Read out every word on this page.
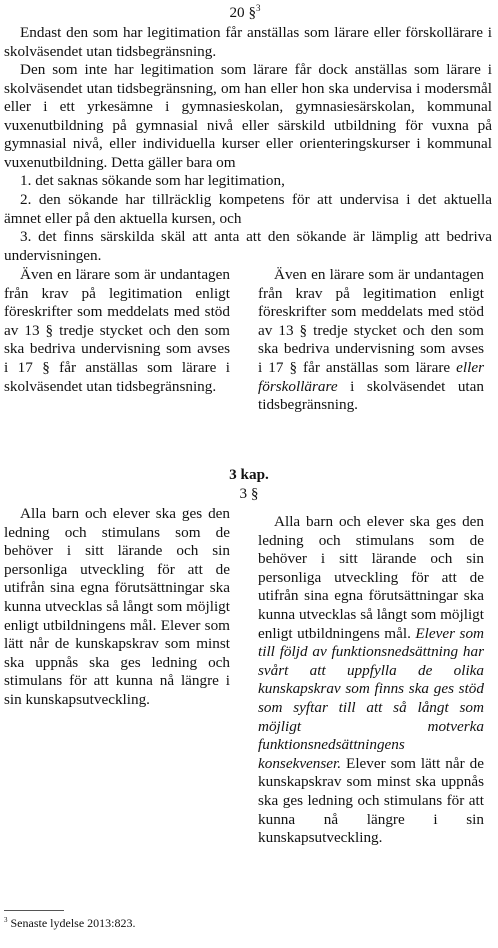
20 §$^3$
Endast den som har legitimation får anställas som lärare eller förskollärare i skolväsendet utan tidsbegränsning.
Den som inte har legitimation som lärare får dock anställas som lärare i skolväsendet utan tidsbegränsning, om han eller hon ska undervisa i modersmål eller i ett yrkesämne i gymnasieskolan, gymnasiesärskolan, kommunal vuxenutbildning på gymnasial nivå eller särskild utbildning för vuxna på gymnasial nivå, eller individuella kurser eller orienteringskurser i kommunal vuxenutbildning. Detta gäller bara om
1. det saknas sökande som har legitimation,
2. den sökande har tillräcklig kompetens för att undervisa i det aktuella ämnet eller på den aktuella kursen, och
3. det finns särskilda skäl att anta att den sökande är lämplig att bedriva undervisningen.

Även en lärare som är undantagen från krav på legitimation enligt föreskrifter som meddelats med stöd av 13 § tredje stycket och den som ska bedriva undervisning som avses i 17 § får anställas som lärare i skolväsendet utan tidsbegränsning.

Även en lärare som är undantagen från krav på legitimation enligt föreskrifter som meddelats med stöd av 13 § tredje stycket och den som ska bedriva undervisning som avses i 17 § får anställas som lärare eller förskollärare i skolväsendet utan tidsbegränsning.

3 kap.
3 §

Alla barn och elever ska ges den ledning och stimulans som de behöver i sitt lärande och sin personliga utveckling för att de utifrån sina egna förutsättningar ska kunna utvecklas så långt som möjligt enligt utbildningens mål. Elever som lätt når de kunskapskrav som minst ska uppnås ska ges ledning och stimulans för att kunna nå längre i sin kunskapsutveckling.

Alla barn och elever ska ges den ledning och stimulans som de behöver i sitt lärande och sin personliga utveckling för att de utifrån sina egna förutsättningar ska kunna utvecklas så långt som möjligt enligt utbildningens mål. Elever som till följd av funktionsnedsättning har svårt att uppfylla de olika kunskapskrav som finns ska ges stöd som syftar till att så långt som möjligt motverka funktionsnedsättningens konsekvenser. Elever som lätt når de kunskapskrav som minst ska uppnås ska ges ledning och stimulans för att kunna nå längre i sin kunskapsutveckling.

$^3$ Senaste lydelse 2013:823.
